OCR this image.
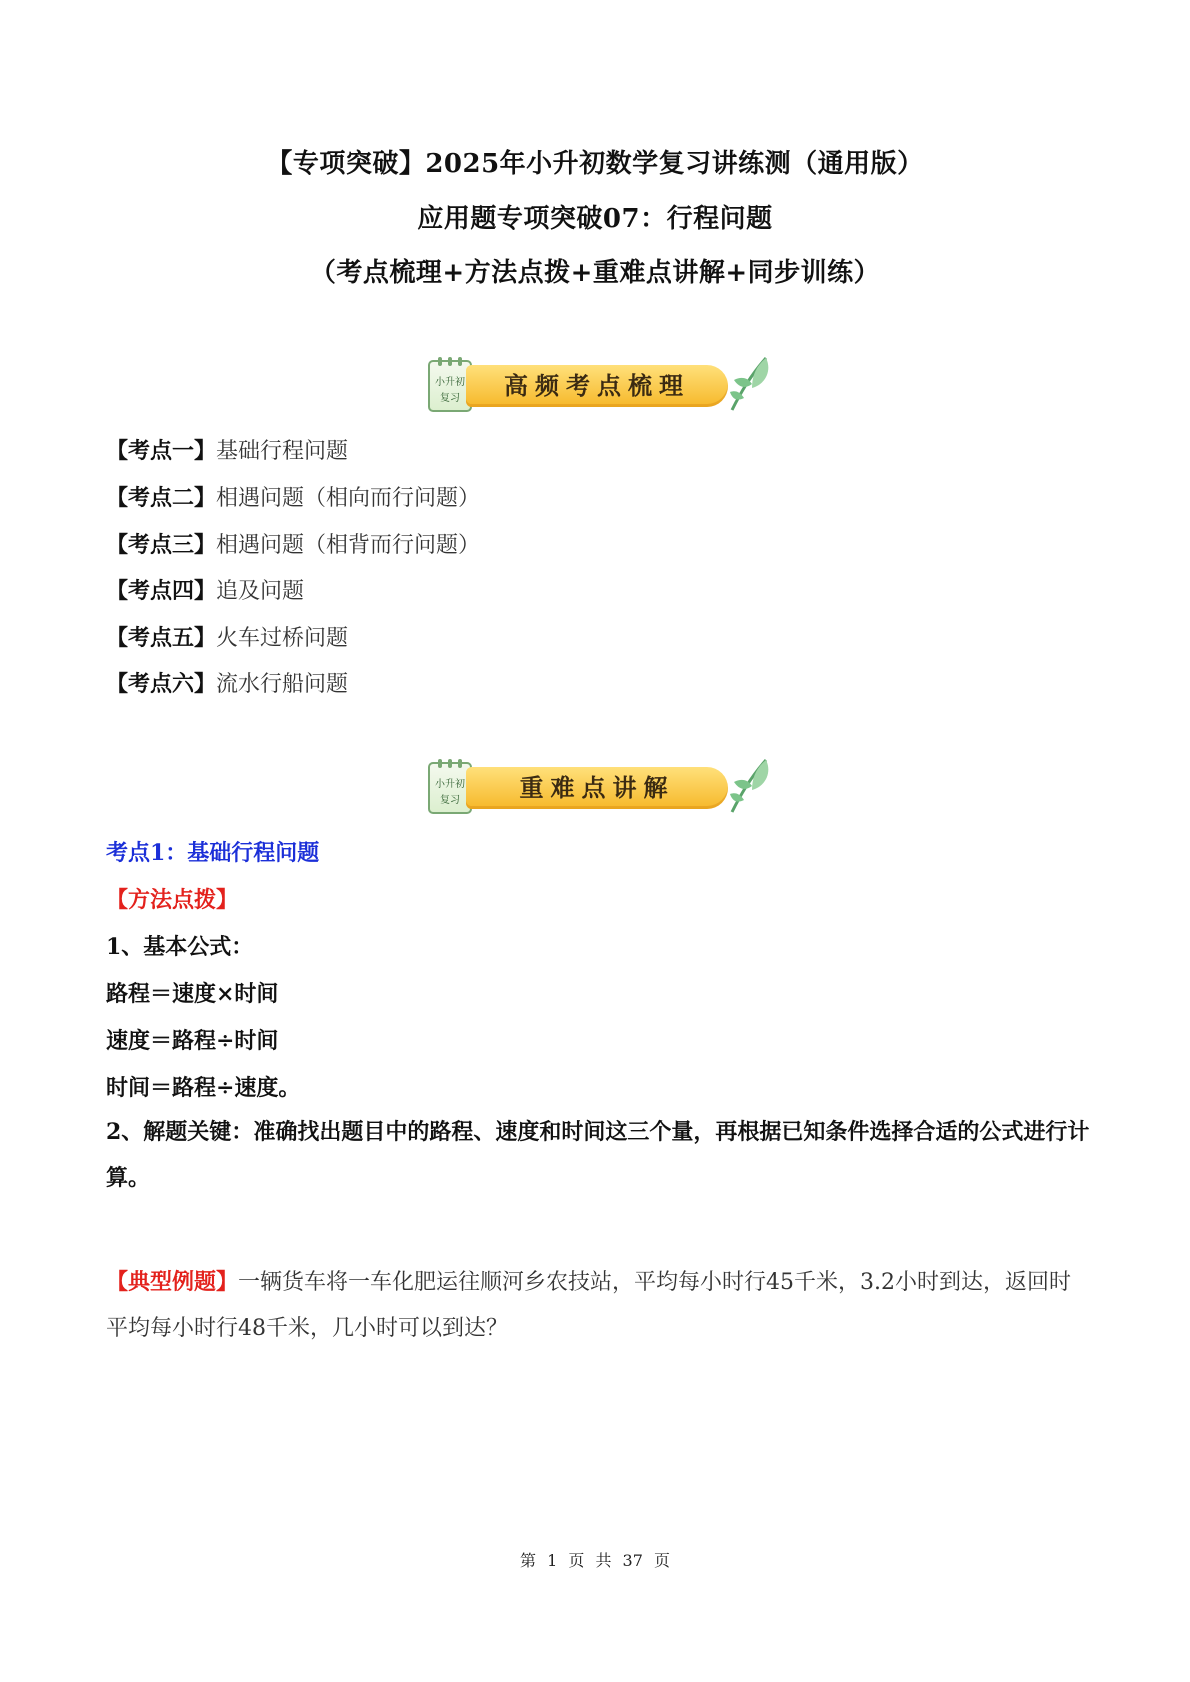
【专项突破】2025年小升初数学复习讲练测（通用版）
应用题专项突破07：行程问题
（考点梳理+方法点拨+重难点讲解+同步训练）
小升初
复习	高频考点梳理
【考点一】基础行程问题
【考点二】相遇问题（相向而行问题）
【考点三】相遇问题（相背而行问题）
【考点四】追及问题
【考点五】火车过桥问题
【考点六】流水行船问题
小升初
复习	重难点讲解
考点1：基础行程问题
【方法点拨】
1、基本公式：
路程＝速度×时间
速度＝路程÷时间
时间＝路程÷速度。
2、解题关键：准确找出题目中的路程、速度和时间这三个量，再根据已知条件选择合适的公式进行计算。
【典型例题】一辆货车将一车化肥运往顺河乡农技站，平均每小时行45千米，3.2小时到达，返回时平均每小时行48千米，几小时可以到达？
第 1 页 共 37 页
